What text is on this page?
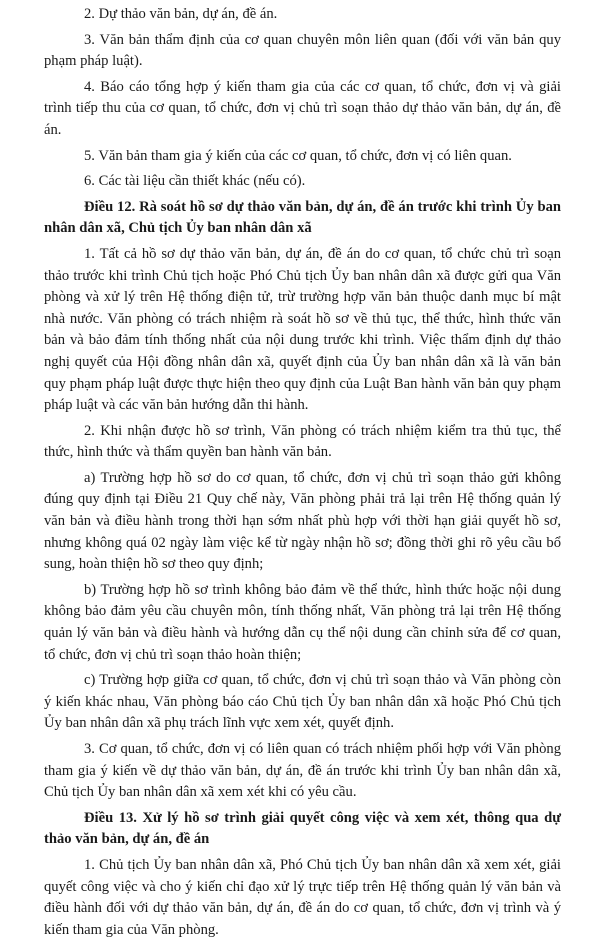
2. Dự thảo văn bản, dự án, đề án.

3. Văn bản thẩm định của cơ quan chuyên môn liên quan (đối với văn bản quy phạm pháp luật).

4. Báo cáo tổng hợp ý kiến tham gia của các cơ quan, tổ chức, đơn vị và giải trình tiếp thu của cơ quan, tổ chức, đơn vị chủ trì soạn thảo dự thảo văn bản, dự án, đề án.

5. Văn bản tham gia ý kiến của các cơ quan, tổ chức, đơn vị có liên quan.

6. Các tài liệu cần thiết khác (nếu có).

Điều 12. Rà soát hồ sơ dự thảo văn bản, dự án, đề án trước khi trình Ủy ban nhân dân xã, Chủ tịch Ủy ban nhân dân xã

1. Tất cả hồ sơ dự thảo văn bản, dự án, đề án do cơ quan, tổ chức chủ trì soạn thảo trước khi trình Chủ tịch hoặc Phó Chủ tịch Ủy ban nhân dân xã được gửi qua Văn phòng và xử lý trên Hệ thống điện tử, trừ trường hợp văn bản thuộc danh mục bí mật nhà nước. Văn phòng có trách nhiệm rà soát hồ sơ về thủ tục, thể thức, hình thức văn bản và bảo đảm tính thống nhất của nội dung trước khi trình. Việc thẩm định dự thảo nghị quyết của Hội đồng nhân dân xã, quyết định của Ủy ban nhân dân xã là văn bản quy phạm pháp luật được thực hiện theo quy định của Luật Ban hành văn bản quy phạm pháp luật và các văn bản hướng dẫn thi hành.

2. Khi nhận được hồ sơ trình, Văn phòng có trách nhiệm kiểm tra thủ tục, thể thức, hình thức và thẩm quyền ban hành văn bản.

a) Trường hợp hồ sơ do cơ quan, tổ chức, đơn vị chủ trì soạn thảo gửi không đúng quy định tại Điều 21 Quy chế này, Văn phòng phải trả lại trên Hệ thống quản lý văn bản và điều hành trong thời hạn sớm nhất phù hợp với thời hạn giải quyết hồ sơ, nhưng không quá 02 ngày làm việc kể từ ngày nhận hồ sơ; đồng thời ghi rõ yêu cầu bổ sung, hoàn thiện hồ sơ theo quy định;

b) Trường hợp hồ sơ trình không bảo đảm về thể thức, hình thức hoặc nội dung không bảo đảm yêu cầu chuyên môn, tính thống nhất, Văn phòng trả lại trên Hệ thống quản lý văn bản và điều hành và hướng dẫn cụ thể nội dung cần chỉnh sửa để cơ quan, tổ chức, đơn vị chủ trì soạn thảo hoàn thiện;

c) Trường hợp giữa cơ quan, tổ chức, đơn vị chủ trì soạn thảo và Văn phòng còn ý kiến khác nhau, Văn phòng báo cáo Chủ tịch Ủy ban nhân dân xã hoặc Phó Chủ tịch Ủy ban nhân dân xã phụ trách lĩnh vực xem xét, quyết định.

3. Cơ quan, tổ chức, đơn vị có liên quan có trách nhiệm phối hợp với Văn phòng tham gia ý kiến về dự thảo văn bản, dự án, đề án trước khi trình Ủy ban nhân dân xã, Chủ tịch Ủy ban nhân dân xã xem xét khi có yêu cầu.

Điều 13. Xử lý hồ sơ trình giải quyết công việc và xem xét, thông qua dự thảo văn bản, dự án, đề án

1. Chủ tịch Ủy ban nhân dân xã, Phó Chủ tịch Ủy ban nhân dân xã xem xét, giải quyết công việc và cho ý kiến chỉ đạo xử lý trực tiếp trên Hệ thống quản lý văn bản và điều hành đối với dự thảo văn bản, dự án, đề án do cơ quan, tổ chức, đơn vị trình và ý kiến tham gia của Văn phòng.
